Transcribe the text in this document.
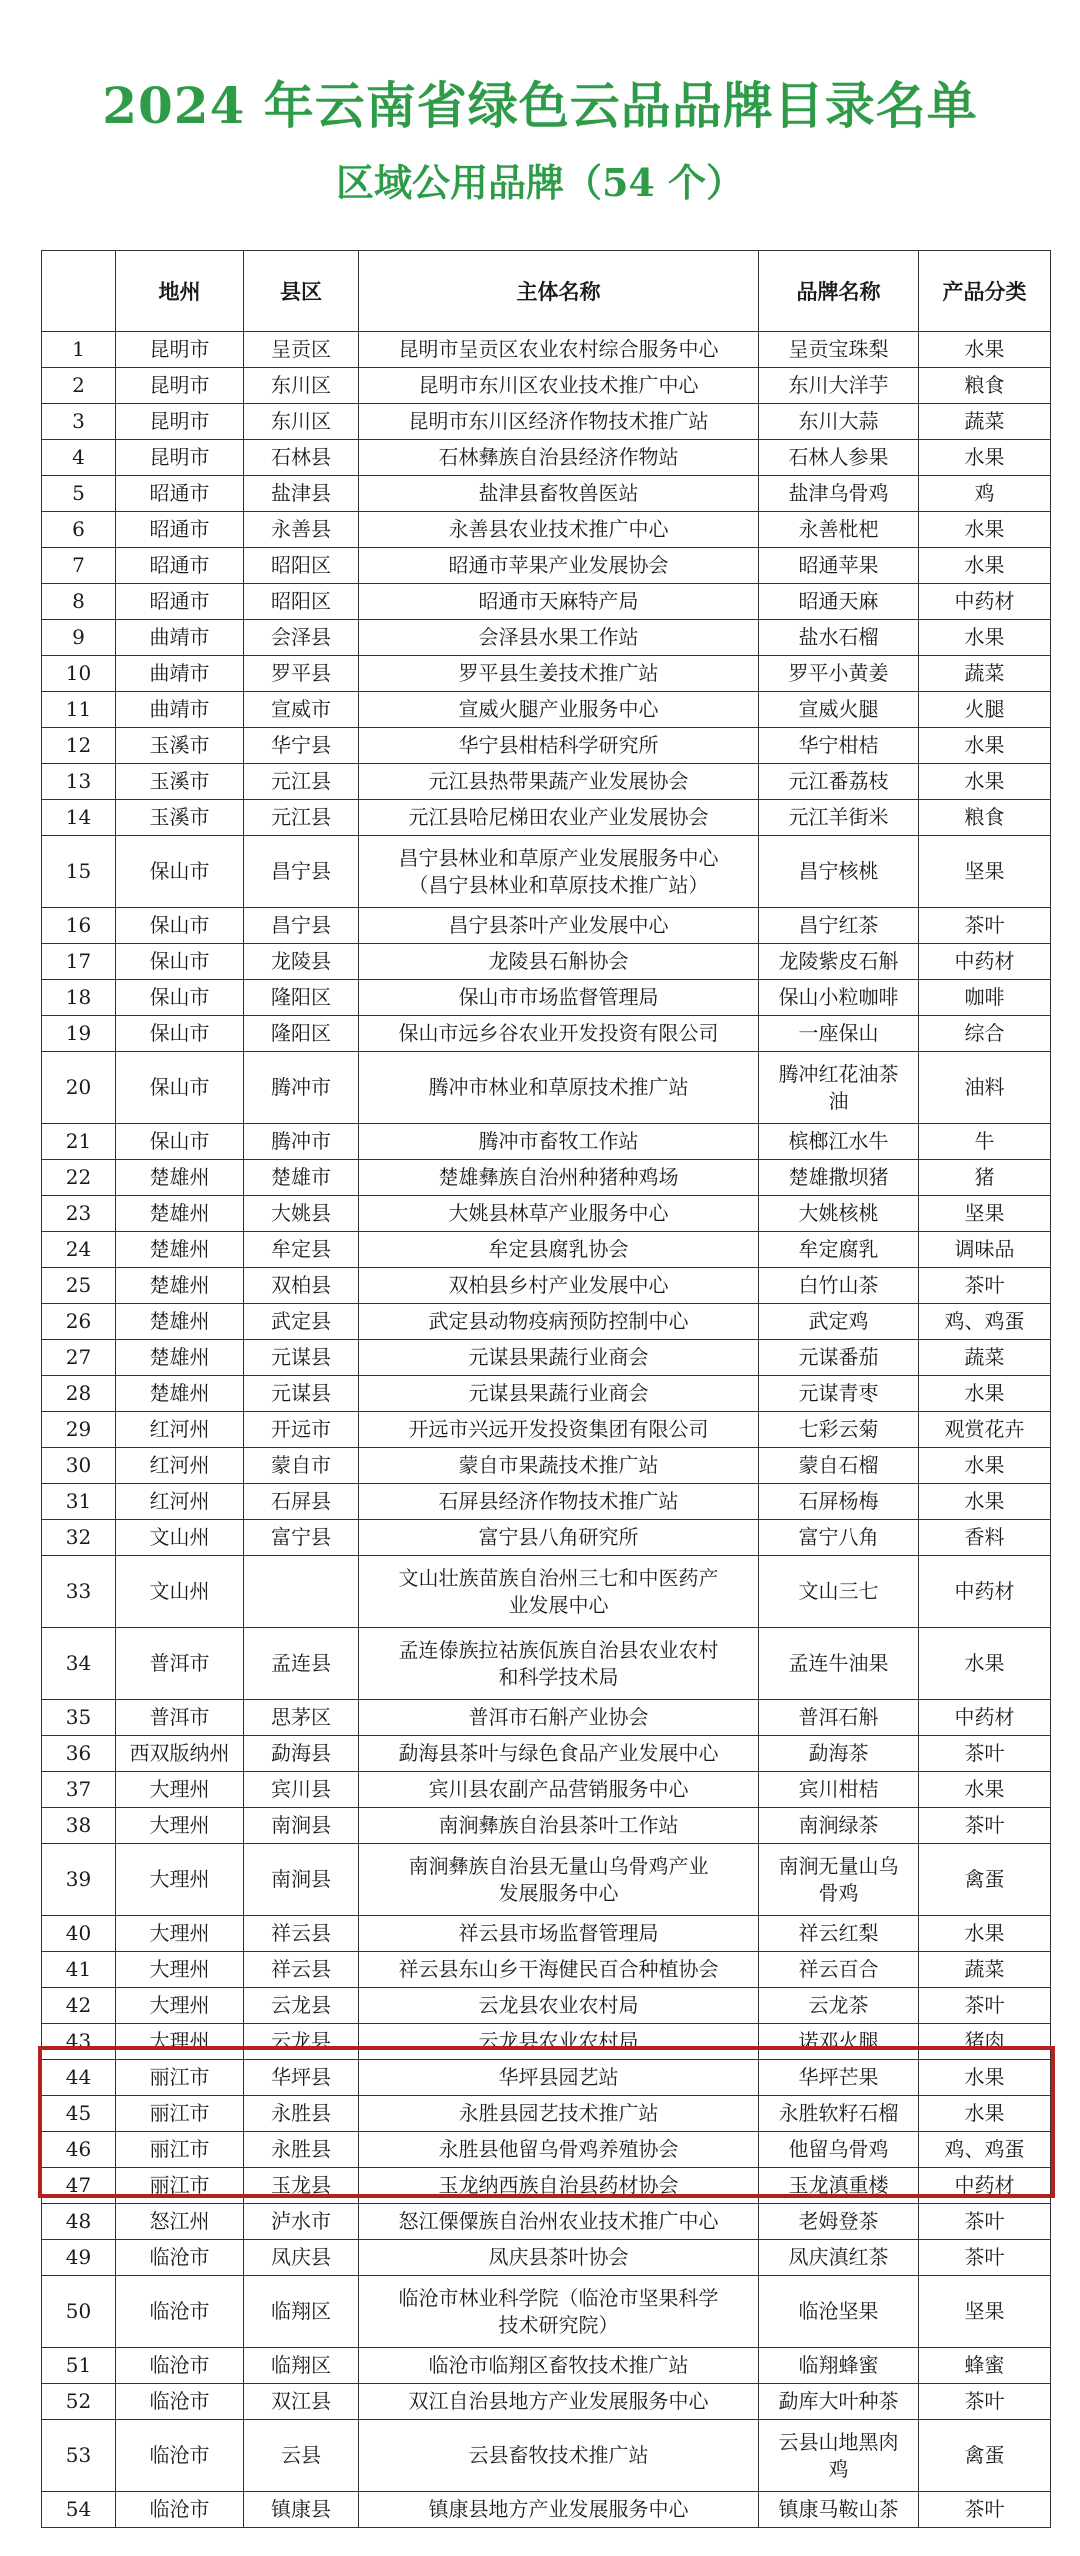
2024 年云南省绿色云品品牌目录名单
区域公用品牌（54 个）
	地州	县区	主体名称	品牌名称	产品分类
1	昆明市	呈贡区	昆明市呈贡区农业农村综合服务中心	呈贡宝珠梨	水果
2	昆明市	东川区	昆明市东川区农业技术推广中心	东川大洋芋	粮食
3	昆明市	东川区	昆明市东川区经济作物技术推广站	东川大蒜	蔬菜
4	昆明市	石林县	石林彝族自治县经济作物站	石林人参果	水果
5	昭通市	盐津县	盐津县畜牧兽医站	盐津乌骨鸡	鸡
6	昭通市	永善县	永善县农业技术推广中心	永善枇杷	水果
7	昭通市	昭阳区	昭通市苹果产业发展协会	昭通苹果	水果
8	昭通市	昭阳区	昭通市天麻特产局	昭通天麻	中药材
9	曲靖市	会泽县	会泽县水果工作站	盐水石榴	水果
10	曲靖市	罗平县	罗平县生姜技术推广站	罗平小黄姜	蔬菜
11	曲靖市	宣威市	宣威火腿产业服务中心	宣威火腿	火腿
12	玉溪市	华宁县	华宁县柑桔科学研究所	华宁柑桔	水果
13	玉溪市	元江县	元江县热带果蔬产业发展协会	元江番荔枝	水果
14	玉溪市	元江县	元江县哈尼梯田农业产业发展协会	元江羊街米	粮食
15	保山市	昌宁县	昌宁县林业和草原产业发展服务中心
（昌宁县林业和草原技术推广站）	昌宁核桃	坚果
16	保山市	昌宁县	昌宁县茶叶产业发展中心	昌宁红茶	茶叶
17	保山市	龙陵县	龙陵县石斛协会	龙陵紫皮石斛	中药材
18	保山市	隆阳区	保山市市场监督管理局	保山小粒咖啡	咖啡
19	保山市	隆阳区	保山市远乡谷农业开发投资有限公司	一座保山	综合
20	保山市	腾冲市	腾冲市林业和草原技术推广站	腾冲红花油茶
油	油料
21	保山市	腾冲市	腾冲市畜牧工作站	槟榔江水牛	牛
22	楚雄州	楚雄市	楚雄彝族自治州种猪种鸡场	楚雄撒坝猪	猪
23	楚雄州	大姚县	大姚县林草产业服务中心	大姚核桃	坚果
24	楚雄州	牟定县	牟定县腐乳协会	牟定腐乳	调味品
25	楚雄州	双柏县	双柏县乡村产业发展中心	白竹山茶	茶叶
26	楚雄州	武定县	武定县动物疫病预防控制中心	武定鸡	鸡、鸡蛋
27	楚雄州	元谋县	元谋县果蔬行业商会	元谋番茄	蔬菜
28	楚雄州	元谋县	元谋县果蔬行业商会	元谋青枣	水果
29	红河州	开远市	开远市兴远开发投资集团有限公司	七彩云菊	观赏花卉
30	红河州	蒙自市	蒙自市果蔬技术推广站	蒙自石榴	水果
31	红河州	石屏县	石屏县经济作物技术推广站	石屏杨梅	水果
32	文山州	富宁县	富宁县八角研究所	富宁八角	香料
33	文山州		文山壮族苗族自治州三七和中医药产
业发展中心	文山三七	中药材
34	普洱市	孟连县	孟连傣族拉祜族佤族自治县农业农村
和科学技术局	孟连牛油果	水果
35	普洱市	思茅区	普洱市石斛产业协会	普洱石斛	中药材
36	西双版纳州	勐海县	勐海县茶叶与绿色食品产业发展中心	勐海茶	茶叶
37	大理州	宾川县	宾川县农副产品营销服务中心	宾川柑桔	水果
38	大理州	南涧县	南涧彝族自治县茶叶工作站	南涧绿茶	茶叶
39	大理州	南涧县	南涧彝族自治县无量山乌骨鸡产业
发展服务中心	南涧无量山乌
骨鸡	禽蛋
40	大理州	祥云县	祥云县市场监督管理局	祥云红梨	水果
41	大理州	祥云县	祥云县东山乡干海健民百合种植协会	祥云百合	蔬菜
42	大理州	云龙县	云龙县农业农村局	云龙茶	茶叶
43	大理州	云龙县	云龙县农业农村局	诺邓火腿	猪肉
44	丽江市	华坪县	华坪县园艺站	华坪芒果	水果
45	丽江市	永胜县	永胜县园艺技术推广站	永胜软籽石榴	水果
46	丽江市	永胜县	永胜县他留乌骨鸡养殖协会	他留乌骨鸡	鸡、鸡蛋
47	丽江市	玉龙县	玉龙纳西族自治县药材协会	玉龙滇重楼	中药材
48	怒江州	泸水市	怒江傈僳族自治州农业技术推广中心	老姆登茶	茶叶
49	临沧市	凤庆县	凤庆县茶叶协会	凤庆滇红茶	茶叶
50	临沧市	临翔区	临沧市林业科学院（临沧市坚果科学
技术研究院）	临沧坚果	坚果
51	临沧市	临翔区	临沧市临翔区畜牧技术推广站	临翔蜂蜜	蜂蜜
52	临沧市	双江县	双江自治县地方产业发展服务中心	勐库大叶种茶	茶叶
53	临沧市	云县	云县畜牧技术推广站	云县山地黑肉
鸡	禽蛋
54	临沧市	镇康县	镇康县地方产业发展服务中心	镇康马鞍山茶	茶叶
